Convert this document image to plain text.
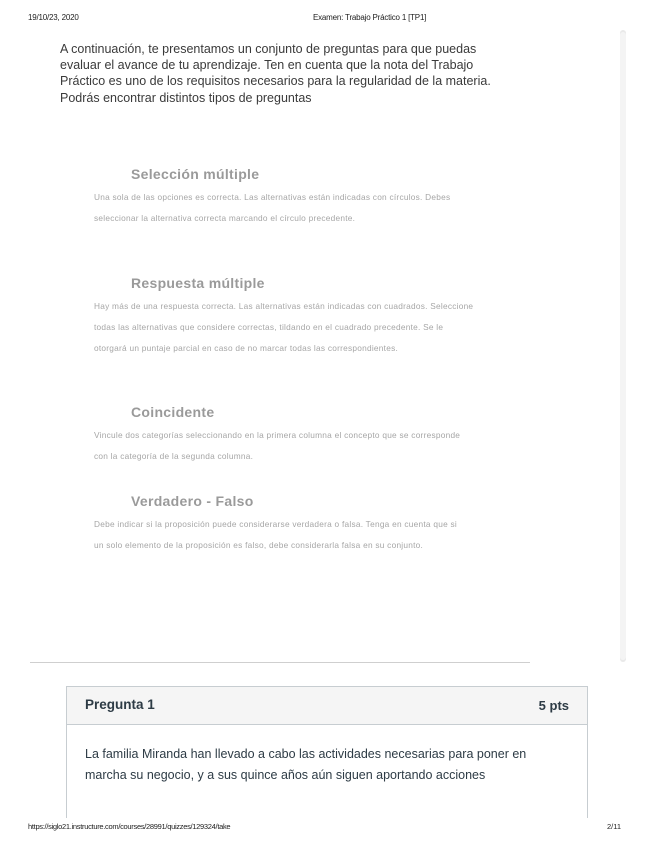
19/10/23, 2020	Examen: Trabajo Práctico 1 [TP1]

A continuación, te presentamos un conjunto de preguntas para que puedas evaluar el avance de tu aprendizaje. Ten en cuenta que la nota del Trabajo Práctico es uno de los requisitos necesarios para la regularidad de la materia. Podrás encontrar distintos tipos de preguntas

Selección múltiple
Una sola de las opciones es correcta. Las alternativas están indicadas con círculos. Debes seleccionar la alternativa correcta marcando el círculo precedente.
Respuesta múltiple
Hay más de una respuesta correcta. Las alternativas están indicadas con cuadrados. Seleccione todas las alternativas que considere correctas, tildando en el cuadrado precedente. Se le otorgará un puntaje parcial en caso de no marcar todas las correspondientes.
Coincidente
Vincule dos categorías seleccionando en la primera columna el concepto que se corresponde con la categoría de la segunda columna.
Verdadero - Falso
Debe indicar si la proposición puede considerarse verdadera o falsa. Tenga en cuenta que si un solo elemento de la proposición es falso, debe considerarla falsa en su conjunto.
Pregunta 1	5 pts
La familia Miranda han llevado a cabo las actividades necesarias para poner en marcha su negocio, y a sus quince años aún siguen aportando acciones
https://siglo21.instructure.com/courses/28991/quizzes/129324/take	2/11
